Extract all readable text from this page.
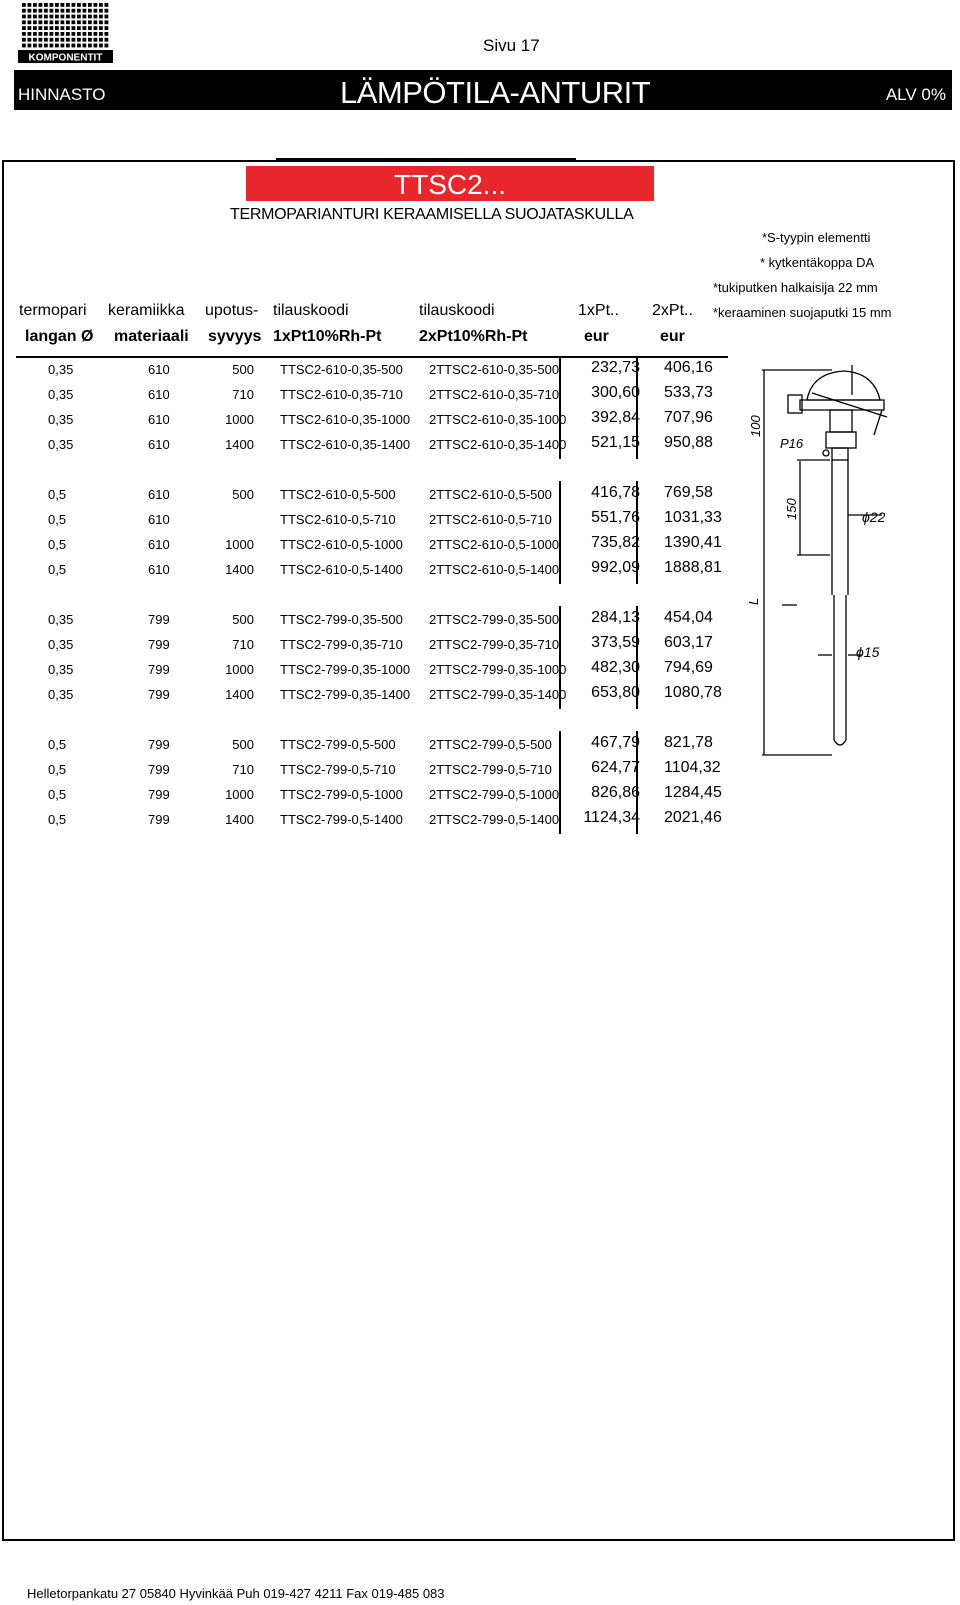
KOMPONENTIT
Sivu 17
HINNASTO	LÄMPÖTILA-ANTURIT	ALV 0%
TTSC2...
TERMOPARIANTURI KERAAMISELLA SUOJATASKULLA
*S-tyypin elementti
* kytkentäkoppa DA
*tukiputken halkaisija 22 mm
*keraaminen suojaputki 15 mm
termopari keramiikka upotus- tilauskoodi	tilauskoodi	1xPt.. 2xPt..
langan Ø materiaali syvyys 1xPt10%Rh-Pt 2xPt10%Rh-Pt	eur	eur
0,35	610	500 TTSC2-610-0,35-500 2TTSC2-610-0,35-500	232,73 406,16
0,35	610	710 TTSC2-610-0,35-710 2TTSC2-610-0,35-710	300,60 533,73
0,35	610	1000 TTSC2-610-0,35-1000 2TTSC2-610-0,35-1000	392,84 707,96
0,35	610	1400 TTSC2-610-0,35-1400 2TTSC2-610-0,35-1400	521,15 950,88
0,5	610	500 TTSC2-610-0,5-500	2TTSC2-610-0,5-500	416,78 769,58
0,5	610	TTSC2-610-0,5-710	2TTSC2-610-0,5-710	551,76 1031,33
0,5	610	1000 TTSC2-610-0,5-1000 2TTSC2-610-0,5-1000	735,82 1390,41
0,5	610	1400 TTSC2-610-0,5-1400 2TTSC2-610-0,5-1400	992,09 1888,81
0,35	799	500 TTSC2-799-0,35-500 2TTSC2-799-0,35-500	284,13 454,04
0,35	799	710 TTSC2-799-0,35-710 2TTSC2-799-0,35-710	373,59 603,17
0,35	799	1000 TTSC2-799-0,35-1000 2TTSC2-799-0,35-1000	482,30 794,69
0,35	799	1400 TTSC2-799-0,35-1400 2TTSC2-799-0,35-1400	653,80 1080,78
0,5	799	500 TTSC2-799-0,5-500	2TTSC2-799-0,5-500	467,79 821,78
0,5	799	710 TTSC2-799-0,5-710	2TTSC2-799-0,5-710	624,77 1104,32
0,5	799	1000 TTSC2-799-0,5-1000 2TTSC2-799-0,5-1000	826,86 1284,45
0,5	799	1400 TTSC2-799-0,5-1400 2TTSC2-799-0,5-1400	1124,34 2021,46
100
P16
150	ϕ22
L
ϕ15
Helletorpankatu 27 05840 Hyvinkää Puh 019-427 4211 Fax 019-485 083
